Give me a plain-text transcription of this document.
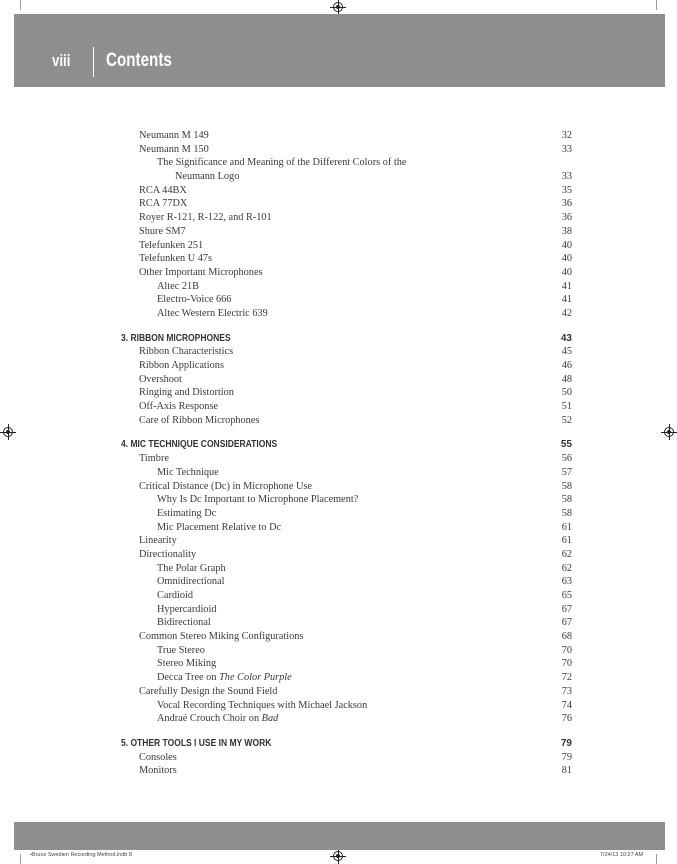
viii Contents
Neumann M 149	32
Neumann M 150	33
The Significance and Meaning of the Different Colors of the
Neumann Logo	33
RCA 44BX	35
RCA 77DX	36
Royer R-121, R-122, and R-101	36
Shure SM7	38
Telefunken 251	40
Telefunken U 47s	40
Other Important Microphones	40
Altec 21B	41
Electro-Voice 666	41
Altec Western Electric 639	42
3. RIBBON MICROPHONES	43
Ribbon Characteristics	45
Ribbon Applications	46
Overshoot	48
Ringing and Distortion	50
Off-Axis Response	51
Care of Ribbon Microphones	52
4. MIC TECHNIQUE CONSIDERATIONS	55
Timbre	56
Mic Technique	57
Critical Distance (Dc) in Microphone Use	58
Why Is Dc Important to Microphone Placement?	58
Estimating Dc	58
Mic Placement Relative to Dc	61
Linearity	61
Directionality	62
The Polar Graph	62
Omnidirectional	63
Cardioid	65
Hypercardioid	67
Bidirectional	67
Common Stereo Miking Configurations	68
True Stereo	70
Stereo Miking	70
Decca Tree on The Color Purple	72
Carefully Design the Sound Field	73
Vocal Recording Techniques with Michael Jackson	74
Andraé Crouch Choir on Bad	76
5. OTHER TOOLS I USE IN MY WORK	79
Consoles	79
Monitors	81
•Bruce Swedien Recording Method.indb 8	7/24/13 10:27 AM
